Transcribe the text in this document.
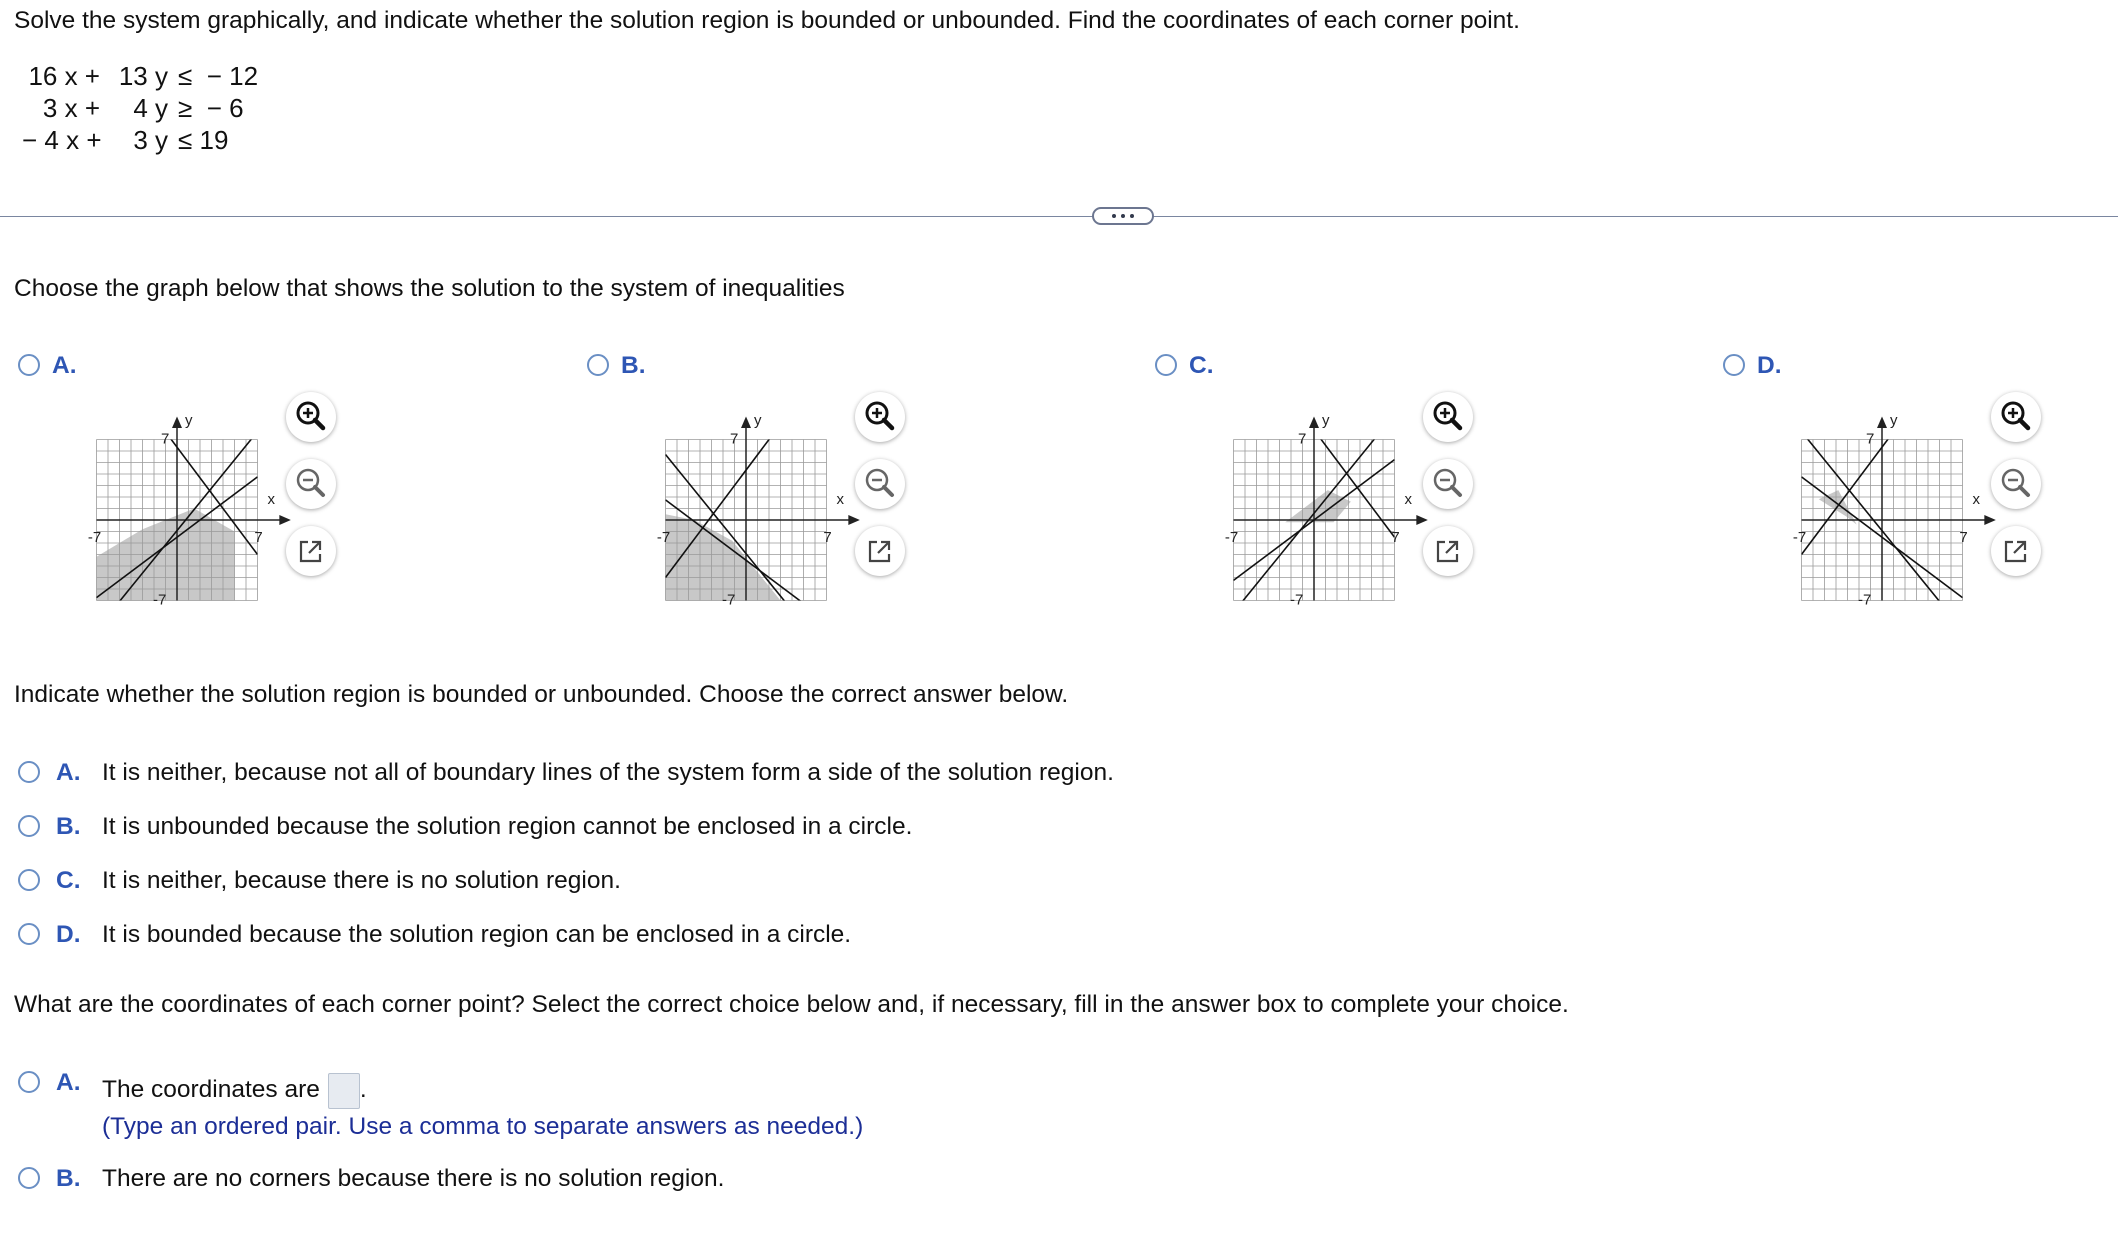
Solve the system graphically, and indicate whether the solution region is bounded or unbounded. Find the coordinates of each corner point.
16 x + 13 y ≤  − 12
3 x +	4 y ≥  − 6
− 4 x +	3 y ≤ 19
Choose the graph below that shows the solution to the system of inequalities
A.
y
x
7
7
-7
-7
B.
y
x
7
7
-7
-7
C.
y
x
7
7
-7
-7
D.
y
x
7
7
-7
-7
Indicate whether the solution region is bounded or unbounded. Choose the correct answer below.
A. It is neither, because not all of boundary lines of the system form a side of the solution region.
B. It is unbounded because the solution region cannot be enclosed in a circle.
C. It is neither, because there is no solution region.
D. It is bounded because the solution region can be enclosed in a circle.
What are the coordinates of each corner point? Select the correct choice below and, if necessary, fill in the answer box to complete your choice.
A. The coordinates are .
(Type an ordered pair. Use a comma to separate answers as needed.)
B. There are no corners because there is no solution region.
